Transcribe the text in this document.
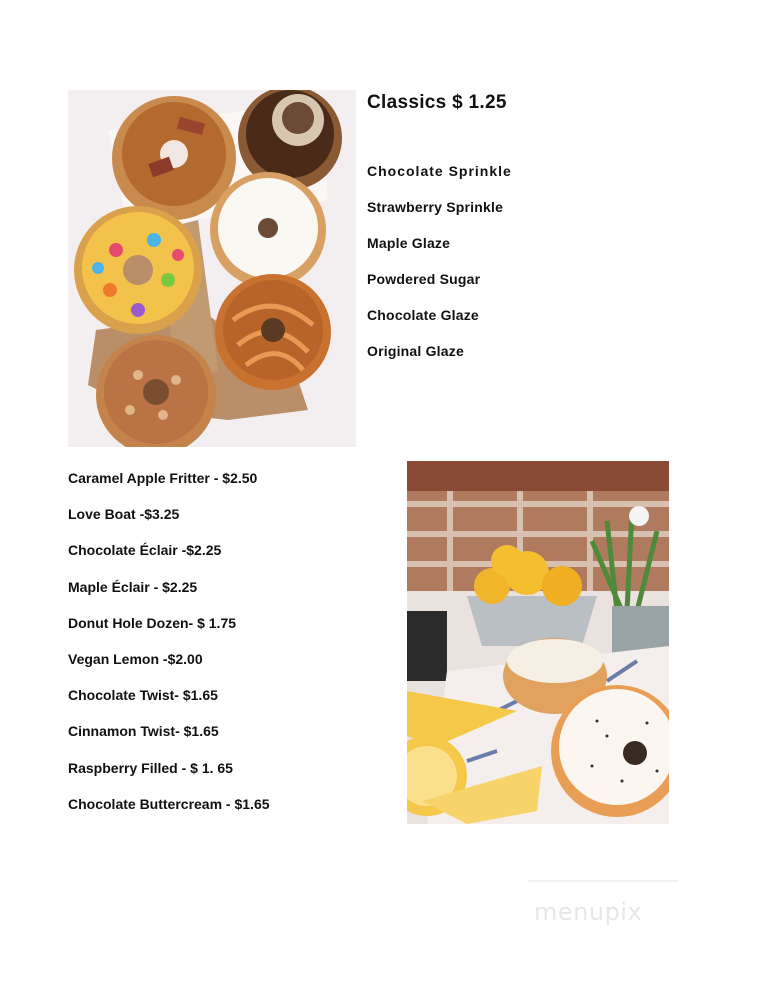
Classics $ 1.25
Chocolate Sprinkle
Strawberry Sprinkle
Maple Glaze
Powdered Sugar
Chocolate Glaze
Original Glaze
Caramel Apple Fritter - $2.50
Love Boat -$3.25
Chocolate Éclair -$2.25
Maple Éclair - $2.25
Donut Hole Dozen- $ 1.75
Vegan Lemon -$2.00
Chocolate Twist- $1.65
Cinnamon Twist- $1.65
Raspberry Filled - $ 1. 65
Chocolate Buttercream - $1.65
menupix
